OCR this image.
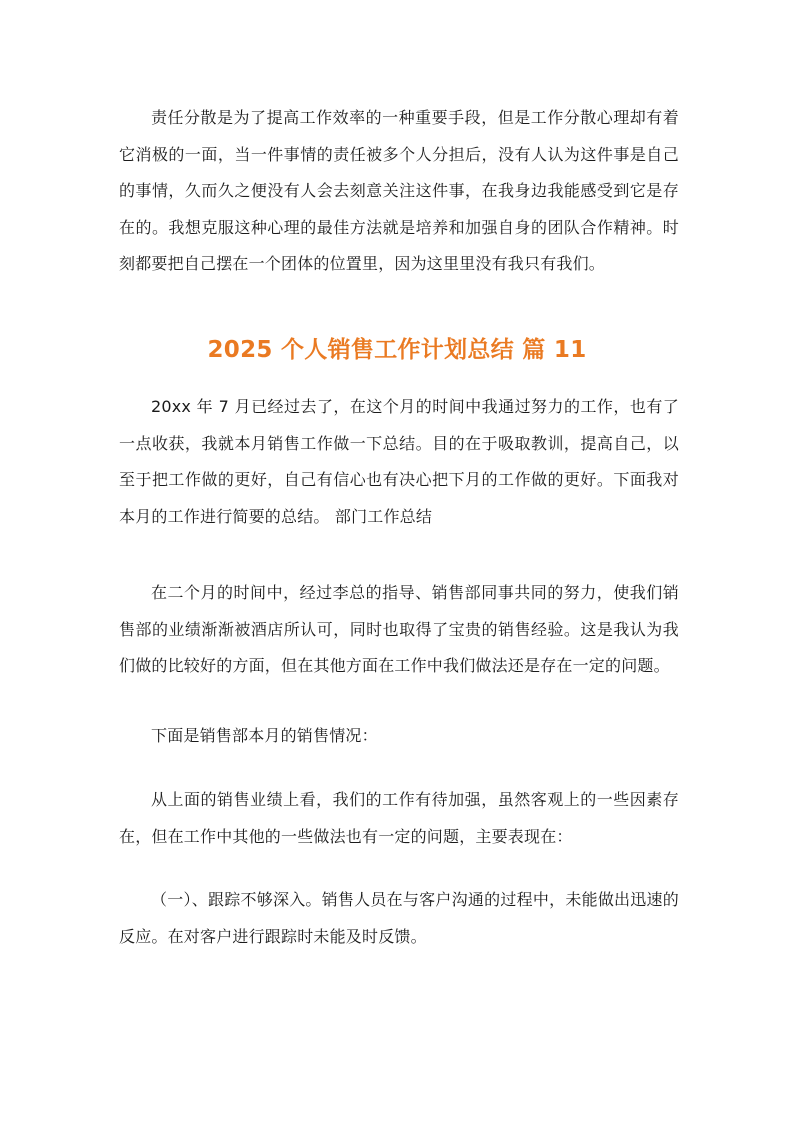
责任分散是为了提高工作效率的一种重要手段，但是工作分散心理却有着它消极的一面，当一件事情的责任被多个人分担后，没有人认为这件事是自己的事情，久而久之便没有人会去刻意关注这件事，在我身边我能感受到它是存在的。我想克服这种心理的最佳方法就是培养和加强自身的团队合作精神。时刻都要把自己摆在一个团体的位置里，因为这里里没有我只有我们。

2025 个人销售工作计划总结 篇 11

20xx 年 7 月已经过去了，在这个月的时间中我通过努力的工作，也有了一点收获，我就本月销售工作做一下总结。目的在于吸取教训，提高自己，以至于把工作做的更好，自己有信心也有决心把下月的工作做的更好。下面我对本月的工作进行简要的总结。 部门工作总结

在二个月的时间中，经过李总的指导、销售部同事共同的努力，使我们销售部的业绩渐渐被酒店所认可，同时也取得了宝贵的销售经验。这是我认为我们做的比较好的方面，但在其他方面在工作中我们做法还是存在一定的问题。

下面是销售部本月的销售情况：

从上面的销售业绩上看，我们的工作有待加强，虽然客观上的一些因素存在，但在工作中其他的一些做法也有一定的问题，主要表现在：

（一）、跟踪不够深入。销售人员在与客户沟通的过程中，未能做出迅速的反应。在对客户进行跟踪时未能及时反馈。
